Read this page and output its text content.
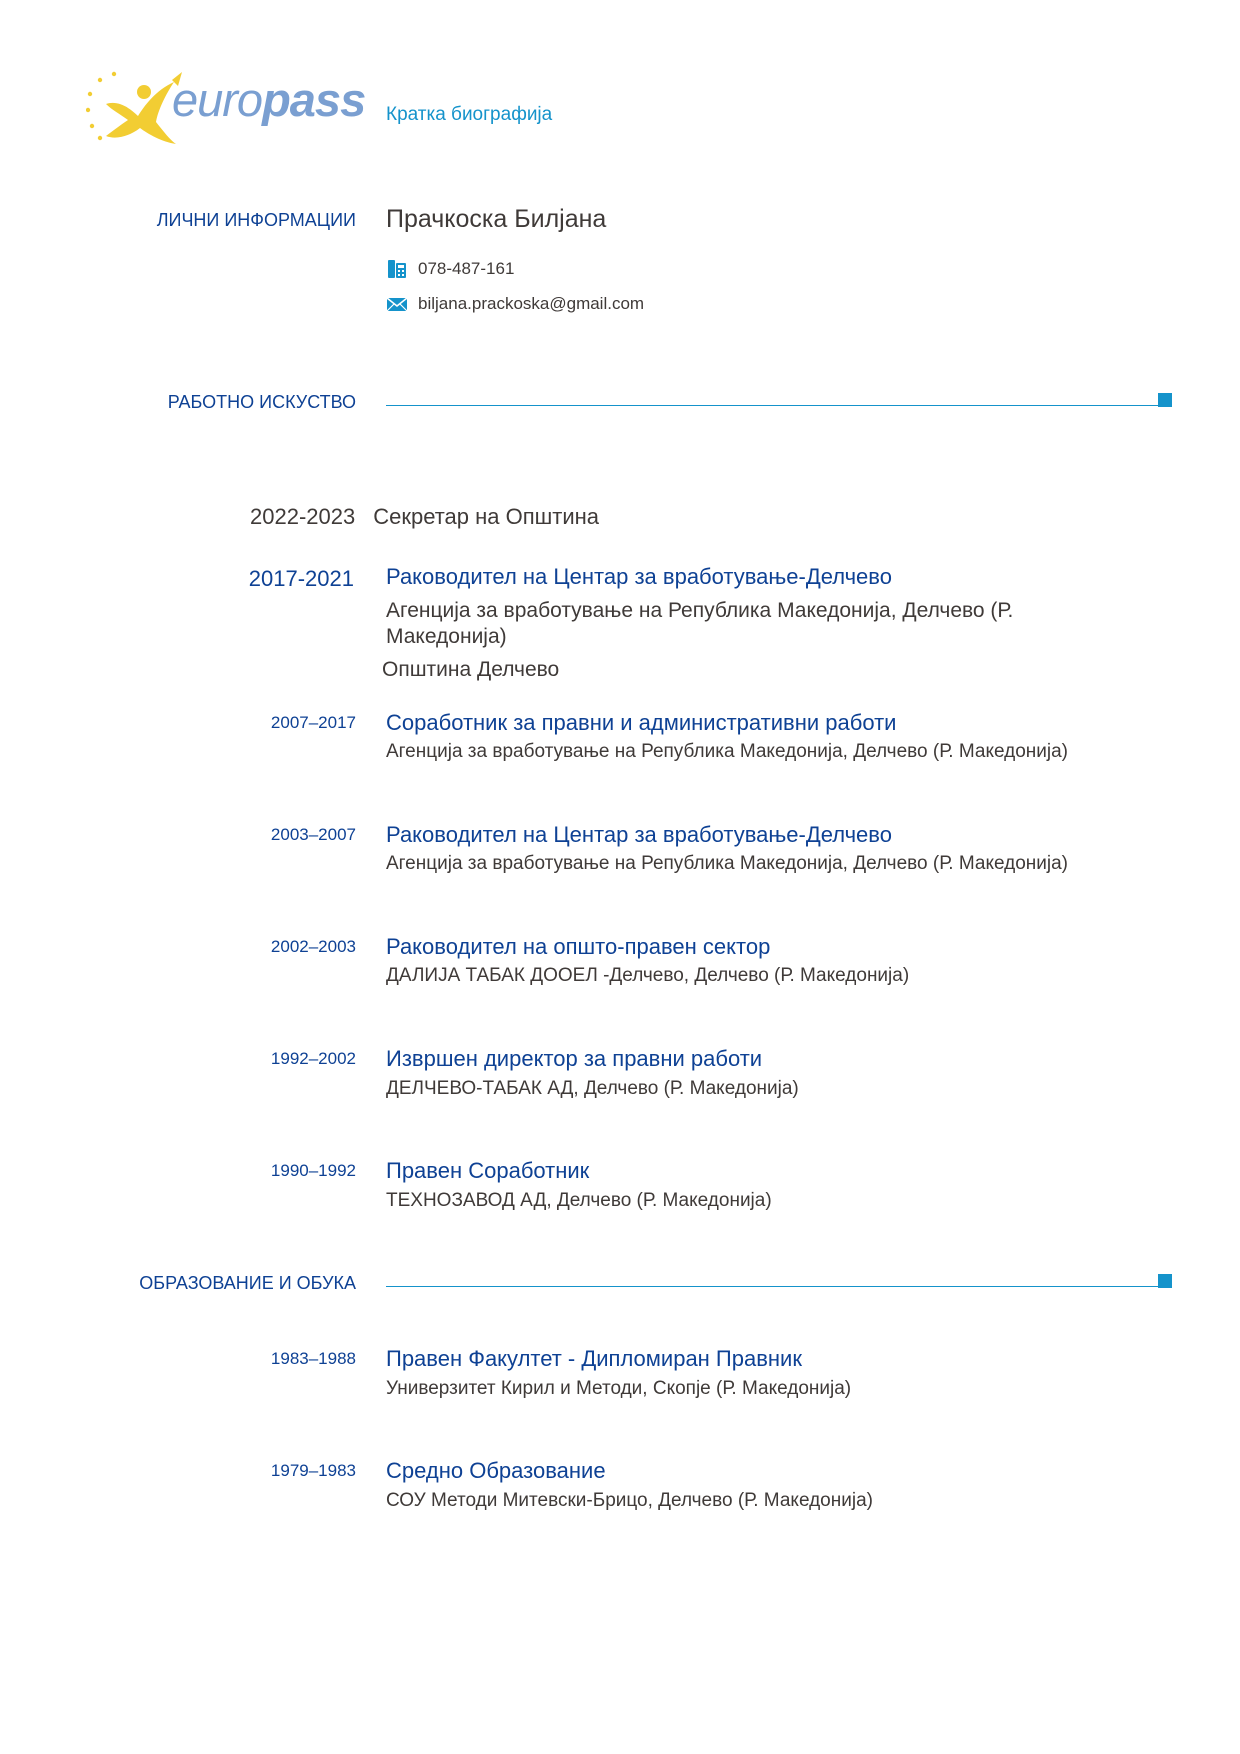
europass Кратка биографија
ЛИЧНИ ИНФОРМАЦИИ Прачкоска Билјана
078-487-161
biljana.prackoska@gmail.com
РАБОТНО ИСКУСТВО
2022-2023 Секретар на Општина
2017-2021 Раководител на Центар за вработување-Делчево
Агенција за вработување на Република Македонија, Делчево (Р. Македонија)
Општина Делчево
2007–2017 Соработник за правни и административни работи
Агенција за вработување на Република Македонија, Делчево (Р. Македонија)
2003–2007 Раководител на Центар за вработување-Делчево
Агенција за вработување на Република Македонија, Делчево (Р. Македонија)
2002–2003 Раководител на општо-правен сектор
ДАЛИЈА ТАБАК ДООЕЛ -Делчево, Делчево (Р. Македонија)
1992–2002 Извршен директор за правни работи
ДЕЛЧЕВО-ТАБАК АД, Делчево (Р. Македонија)
1990–1992 Правен Соработник
ТЕХНОЗАВОД АД, Делчево (Р. Македонија)
ОБРАЗОВАНИЕ И ОБУКА
1983–1988 Правен Факултет - Дипломиран Правник
Универзитет Кирил и Методи, Скопје (Р. Македонија)
1979–1983 Средно Образование
СОУ Методи Митевски-Брицо, Делчево (Р. Македонија)
